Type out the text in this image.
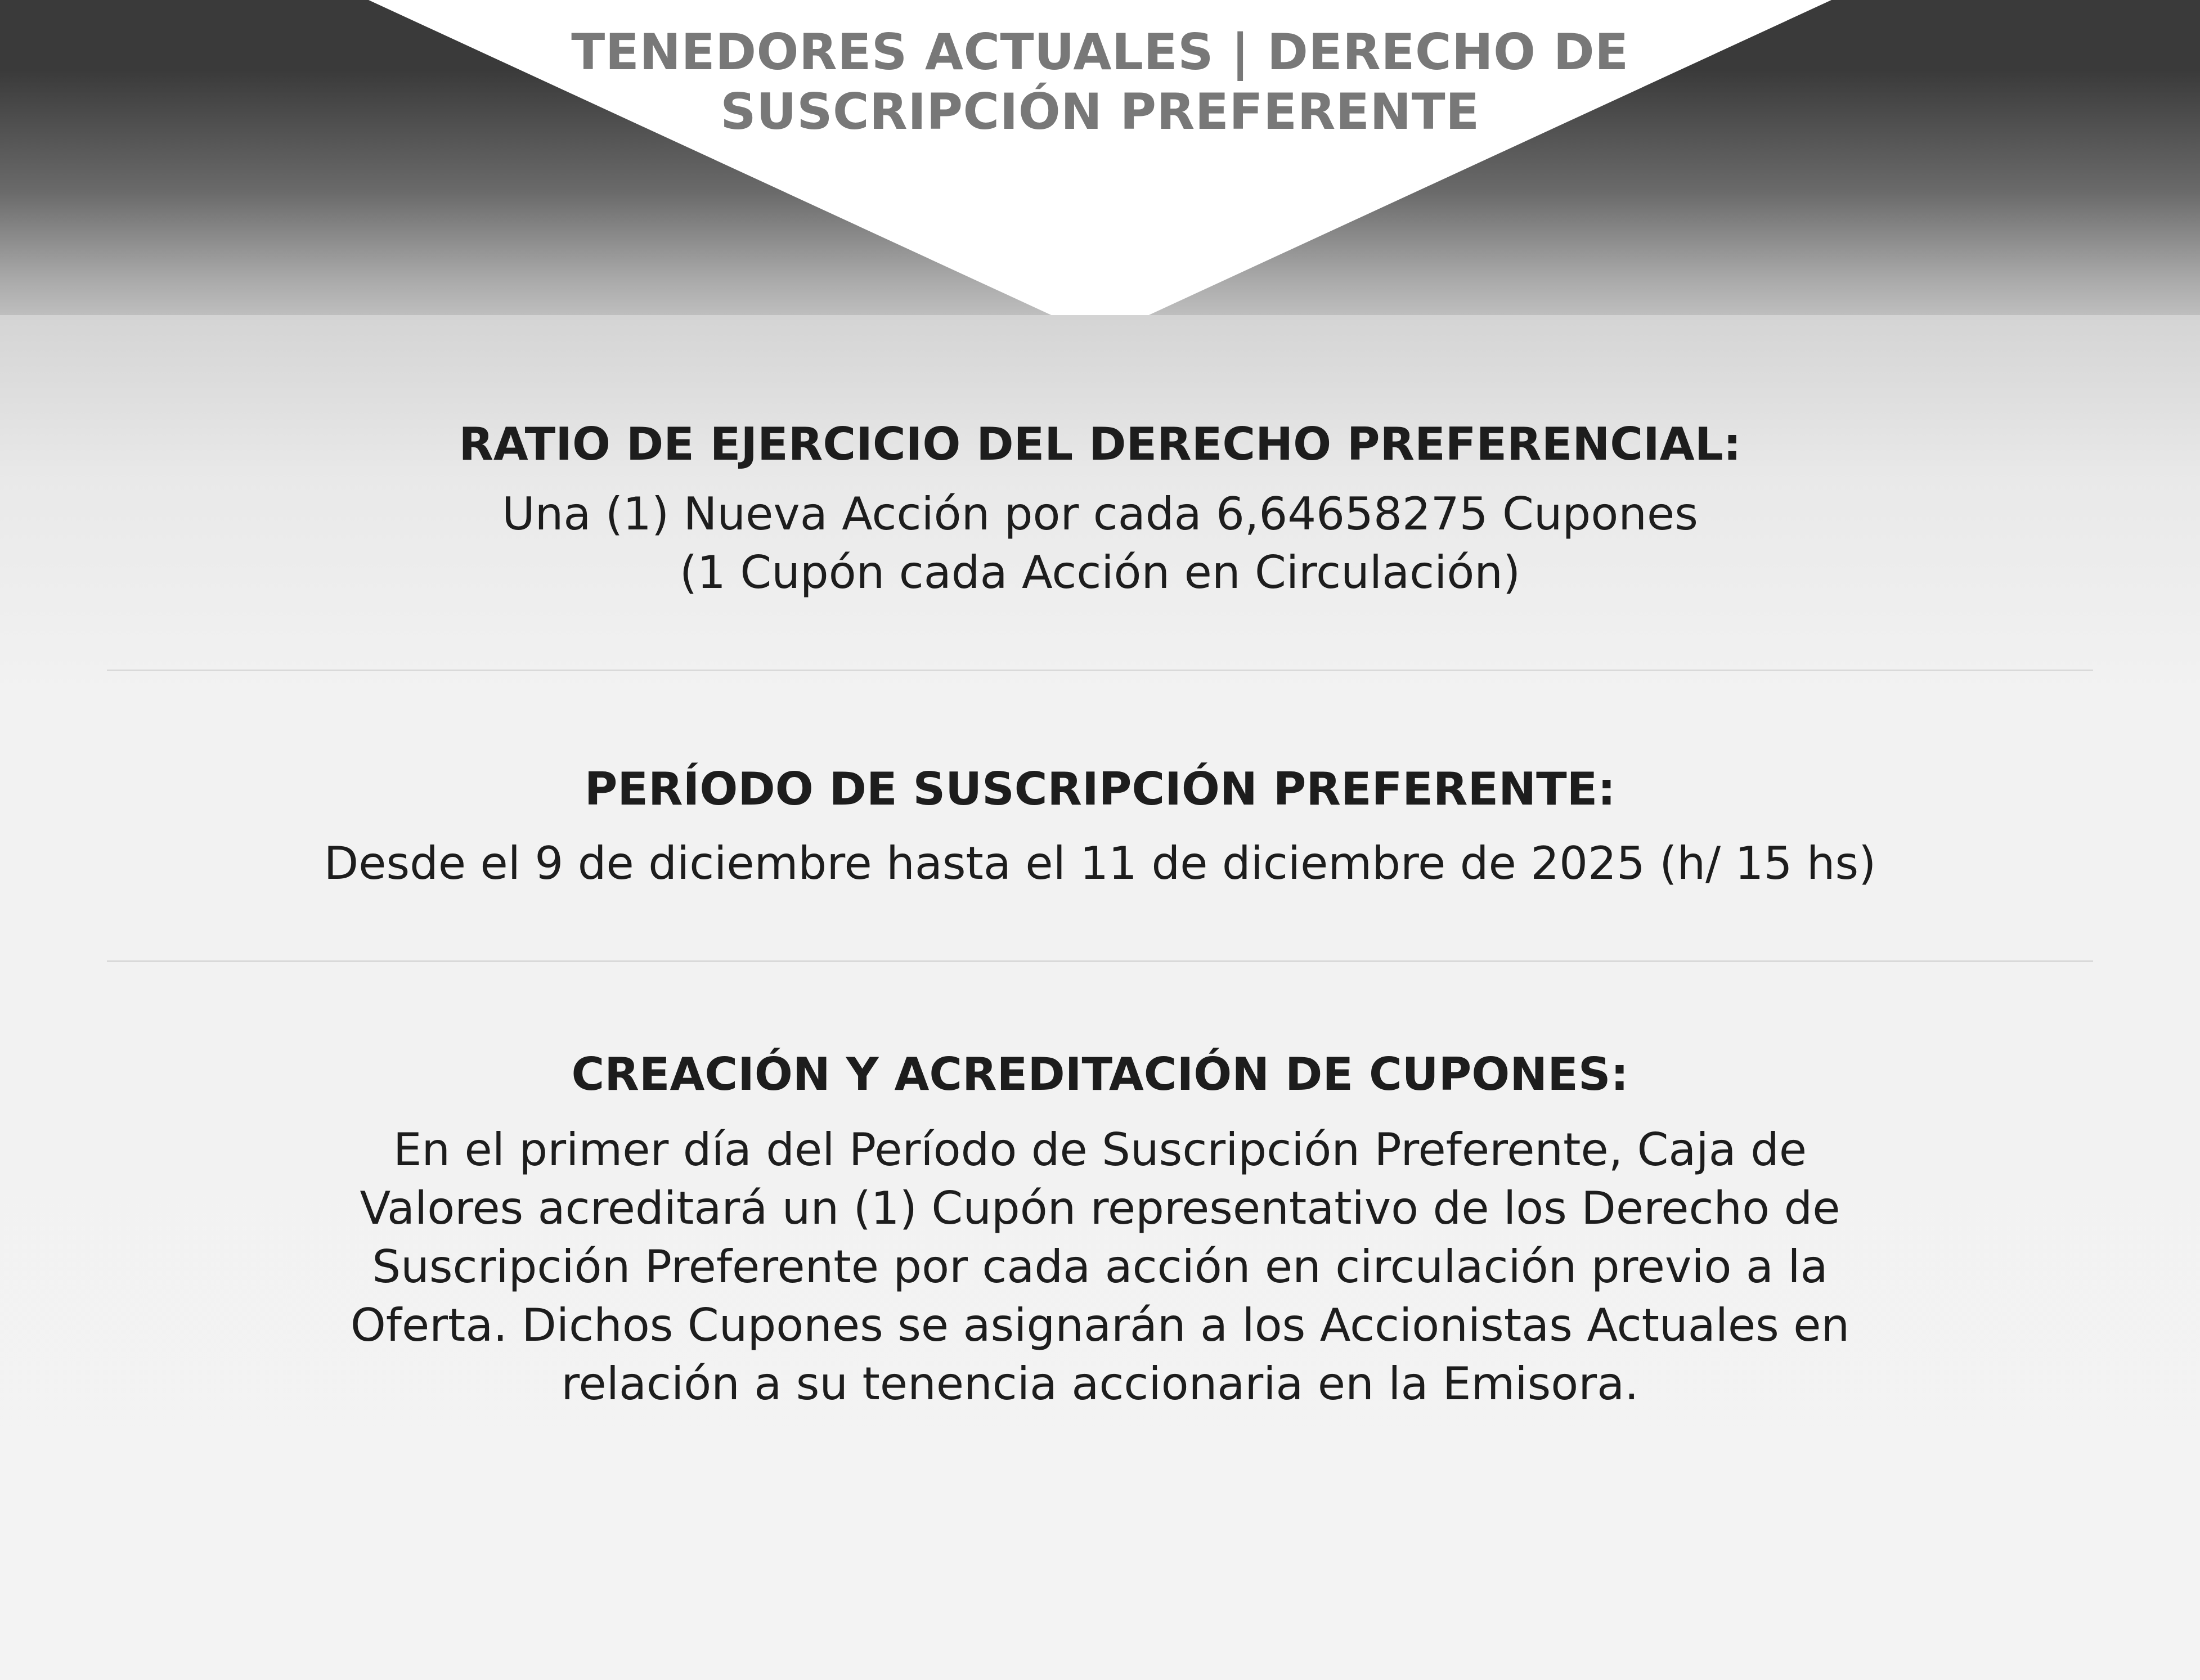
TENEDORES ACTUALES | DERECHO DE
SUSCRIPCIÓN PREFERENTE

RATIO DE EJERCICIO DEL DERECHO PREFERENCIAL:

Una (1) Nueva Acción por cada 6,64658275 Cupones
(1 Cupón cada Acción en Circulación)

PERÍODO DE SUSCRIPCIÓN PREFERENTE:

Desde el 9 de diciembre hasta el 11 de diciembre de 2025 (h/ 15 hs)

CREACIÓN Y ACREDITACIÓN DE CUPONES:

En el primer día del Período de Suscripción Preferente, Caja de
Valores acreditará un (1) Cupón representativo de los Derecho de
Suscripción Preferente por cada acción en circulación previo a la
Oferta. Dichos Cupones se asignarán a los Accionistas Actuales en
relación a su tenencia accionaria en la Emisora.
